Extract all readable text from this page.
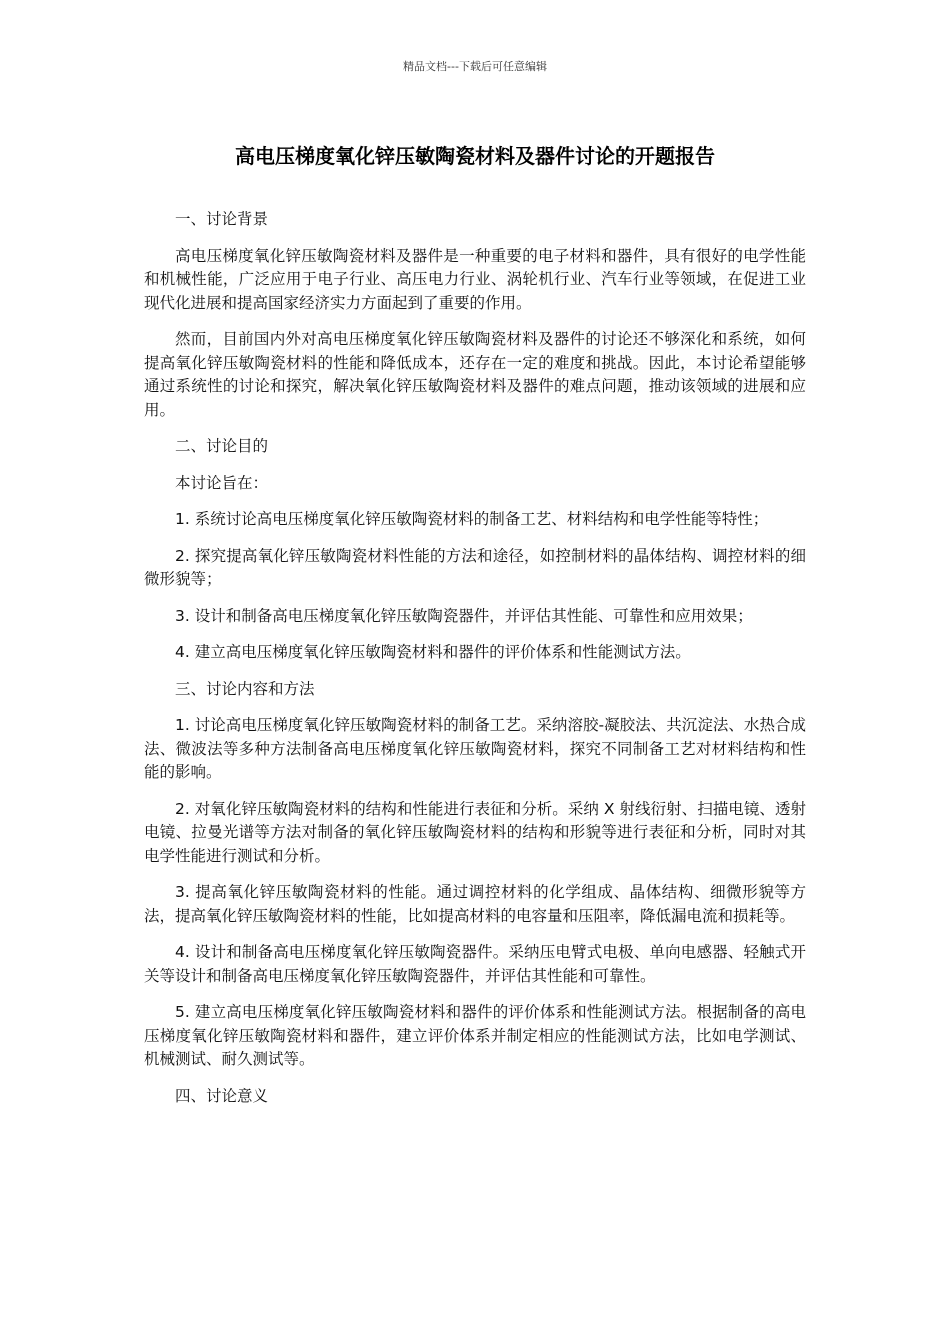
精品文档---下载后可任意编辑
高电压梯度氧化锌压敏陶瓷材料及器件讨论的开题报告

一、讨论背景

高电压梯度氧化锌压敏陶瓷材料及器件是一种重要的电子材料和器件，具有很好的电学性能和机械性能，广泛应用于电子行业、高压电力行业、涡轮机行业、汽车行业等领域，在促进工业现代化进展和提高国家经济实力方面起到了重要的作用。

然而，目前国内外对高电压梯度氧化锌压敏陶瓷材料及器件的讨论还不够深化和系统，如何提高氧化锌压敏陶瓷材料的性能和降低成本，还存在一定的难度和挑战。因此，本讨论希望能够通过系统性的讨论和探究，解决氧化锌压敏陶瓷材料及器件的难点问题，推动该领域的进展和应用。

二、讨论目的

本讨论旨在：

1. 系统讨论高电压梯度氧化锌压敏陶瓷材料的制备工艺、材料结构和电学性能等特性；

2. 探究提高氧化锌压敏陶瓷材料性能的方法和途径，如控制材料的晶体结构、调控材料的细微形貌等；

3. 设计和制备高电压梯度氧化锌压敏陶瓷器件，并评估其性能、可靠性和应用效果；

4. 建立高电压梯度氧化锌压敏陶瓷材料和器件的评价体系和性能测试方法。

三、讨论内容和方法

1. 讨论高电压梯度氧化锌压敏陶瓷材料的制备工艺。采纳溶胶-凝胶法、共沉淀法、水热合成法、微波法等多种方法制备高电压梯度氧化锌压敏陶瓷材料，探究不同制备工艺对材料结构和性能的影响。

2. 对氧化锌压敏陶瓷材料的结构和性能进行表征和分析。采纳 X 射线衍射、扫描电镜、透射电镜、拉曼光谱等方法对制备的氧化锌压敏陶瓷材料的结构和形貌等进行表征和分析，同时对其电学性能进行测试和分析。

3. 提高氧化锌压敏陶瓷材料的性能。通过调控材料的化学组成、晶体结构、细微形貌等方法，提高氧化锌压敏陶瓷材料的性能，比如提高材料的电容量和压阻率，降低漏电流和损耗等。

4. 设计和制备高电压梯度氧化锌压敏陶瓷器件。采纳压电臂式电极、单向电感器、轻触式开关等设计和制备高电压梯度氧化锌压敏陶瓷器件，并评估其性能和可靠性。

5. 建立高电压梯度氧化锌压敏陶瓷材料和器件的评价体系和性能测试方法。根据制备的高电压梯度氧化锌压敏陶瓷材料和器件，建立评价体系并制定相应的性能测试方法，比如电学测试、机械测试、耐久测试等。

四、讨论意义
